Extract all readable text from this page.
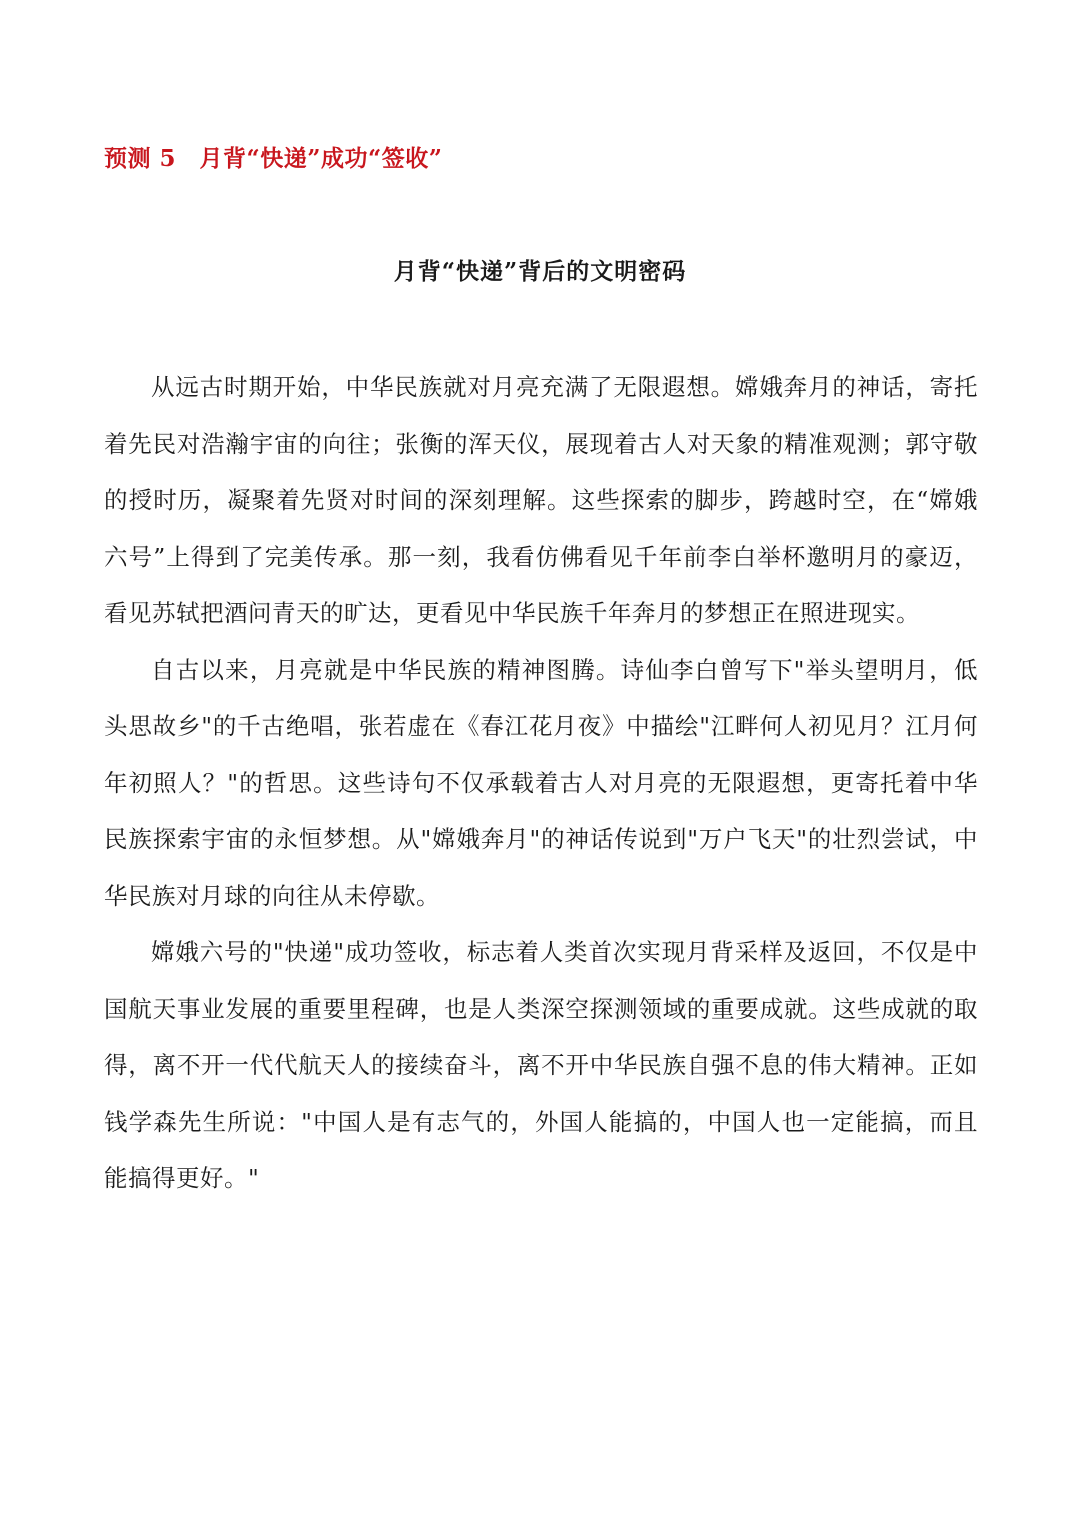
预测 5　月背“快递”成功“签收”
月背“快递”背后的文明密码

从远古时期开始，中华民族就对月亮充满了无限遐想。嫦娥奔月的神话，寄托着先民对浩瀚宇宙的向往；张衡的浑天仪，展现着古人对天象的精准观测；郭守敬的授时历，凝聚着先贤对时间的深刻理解。这些探索的脚步，跨越时空，在“嫦娥六号”上得到了完美传承。那一刻，我看仿佛看见千年前李白举杯邀明月的豪迈，看见苏轼把酒问青天的旷达，更看见中华民族千年奔月的梦想正在照进现实。

自古以来，月亮就是中华民族的精神图腾。诗仙李白曾写下"举头望明月，低头思故乡"的千古绝唱，张若虚在《春江花月夜》中描绘"江畔何人初见月？江月何年初照人？"的哲思。这些诗句不仅承载着古人对月亮的无限遐想，更寄托着中华民族探索宇宙的永恒梦想。从"嫦娥奔月"的神话传说到"万户飞天"的壮烈尝试，中华民族对月球的向往从未停歇。

嫦娥六号的"快递"成功签收，标志着人类首次实现月背采样及返回，不仅是中国航天事业发展的重要里程碑，也是人类深空探测领域的重要成就。这些成就的取得，离不开一代代航天人的接续奋斗，离不开中华民族自强不息的伟大精神。正如钱学森先生所说："中国人是有志气的，外国人能搞的，中国人也一定能搞，而且能搞得更好。"
